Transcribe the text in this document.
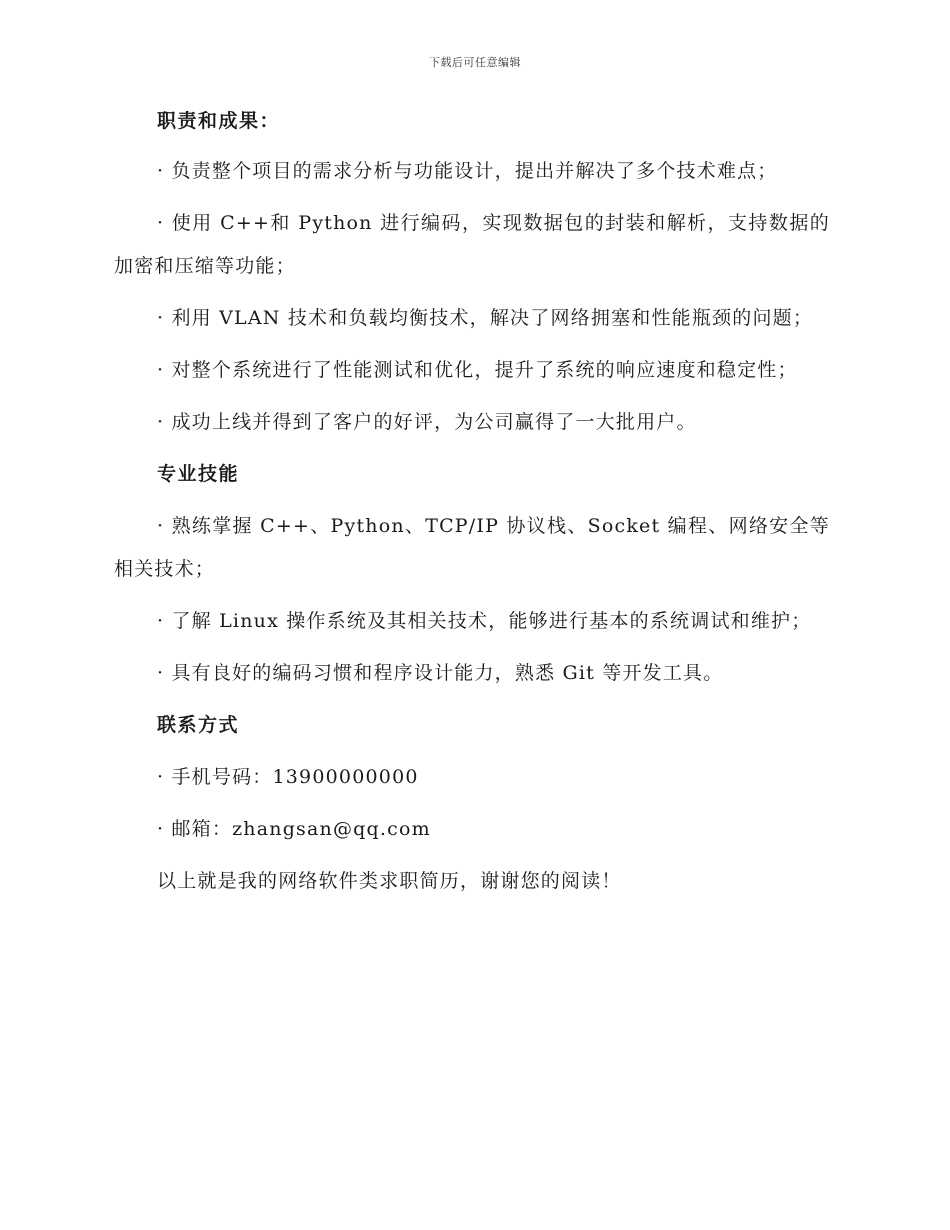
下载后可任意编辑

职责和成果：

· 负责整个项目的需求分析与功能设计，提出并解决了多个技术难点；

· 使用 C++和 Python 进行编码，实现数据包的封装和解析，支持数据的加密和压缩等功能；

· 利用 VLAN 技术和负载均衡技术，解决了网络拥塞和性能瓶颈的问题；

· 对整个系统进行了性能测试和优化，提升了系统的响应速度和稳定性；

· 成功上线并得到了客户的好评，为公司赢得了一大批用户。

专业技能

· 熟练掌握 C++、Python、TCP/IP 协议栈、Socket 编程、网络安全等相关技术；

· 了解 Linux 操作系统及其相关技术，能够进行基本的系统调试和维护；

· 具有良好的编码习惯和程序设计能力，熟悉 Git 等开发工具。

联系方式

· 手机号码：13900000000

· 邮箱：zhangsan@qq.com

以上就是我的网络软件类求职简历，谢谢您的阅读！
